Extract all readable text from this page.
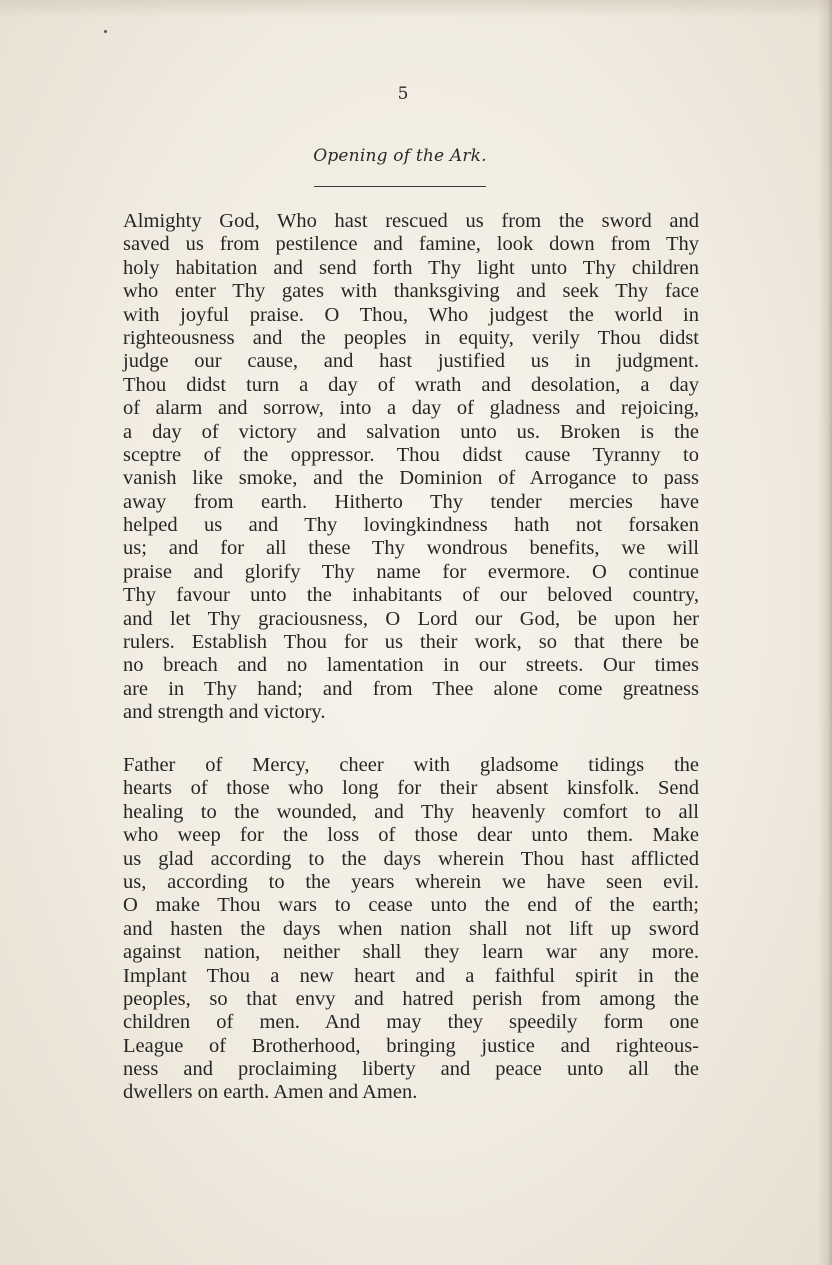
5
Opening of the Ark.
Almighty God, Who hast rescued us from the sword and
saved us from pestilence and famine, look down from Thy
holy habitation and send forth Thy light unto Thy children
who enter Thy gates with thanksgiving and seek Thy face
with joyful praise. O Thou, Who judgest the world in
righteousness and the peoples in equity, verily Thou didst
judge our cause, and hast justified us in judgment.
Thou didst turn a day of wrath and desolation, a day
of alarm and sorrow, into a day of gladness and rejoicing,
a day of victory and salvation unto us. Broken is the
sceptre of the oppressor. Thou didst cause Tyranny to
vanish like smoke, and the Dominion of Arrogance to pass
away from earth. Hitherto Thy tender mercies have
helped us and Thy lovingkindness hath not forsaken
us; and for all these Thy wondrous benefits, we will
praise and glorify Thy name for evermore. O continue
Thy favour unto the inhabitants of our beloved country,
and let Thy graciousness, O Lord our God, be upon her
rulers. Establish Thou for us their work, so that there be
no breach and no lamentation in our streets. Our times
are in Thy hand; and from Thee alone come greatness
and strength and victory.
Father of Mercy, cheer with gladsome tidings the
hearts of those who long for their absent kinsfolk. Send
healing to the wounded, and Thy heavenly comfort to all
who weep for the loss of those dear unto them. Make
us glad according to the days wherein Thou hast afflicted
us, according to the years wherein we have seen evil.
O make Thou wars to cease unto the end of the earth;
and hasten the days when nation shall not lift up sword
against nation, neither shall they learn war any more.
Implant Thou a new heart and a faithful spirit in the
peoples, so that envy and hatred perish from among the
children of men. And may they speedily form one
League of Brotherhood, bringing justice and righteous-
ness and proclaiming liberty and peace unto all the
dwellers on earth. Amen and Amen.
